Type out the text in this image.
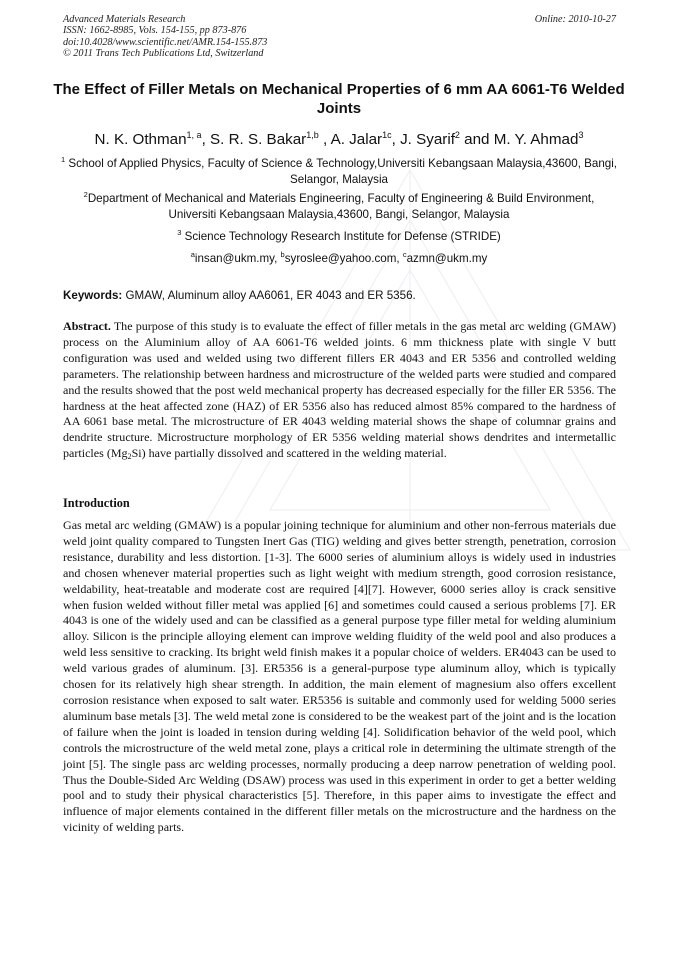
Advanced Materials Research
ISSN: 1662-8985, Vols. 154-155, pp 873-876
doi:10.4028/www.scientific.net/AMR.154-155.873
© 2011 Trans Tech Publications Ltd, Switzerland
Online: 2010-10-27
The Effect of Filler Metals on Mechanical Properties of 6 mm AA 6061-T6 Welded Joints
N. K. Othman$^{1, a}$, S. R. S. Bakar$^{1,b}$ , A. Jalar$^{1c}$, J. Syarif$^2$ and M. Y. Ahmad$^3$
$^1$ School of Applied Physics, Faculty of Science & Technology,Universiti Kebangsaan Malaysia,43600, Bangi, Selangor, Malaysia
$^2$Department of Mechanical and Materials Engineering, Faculty of Engineering & Build Environment, Universiti Kebangsaan Malaysia,43600, Bangi, Selangor, Malaysia
$^3$ Science Technology Research Institute for Defense (STRIDE)
$^a$insan@ukm.my, $^b$syroslee@yahoo.com, $^c$azmn@ukm.my
Keywords: GMAW, Aluminum alloy AA6061, ER 4043 and ER 5356.
Abstract. The purpose of this study is to evaluate the effect of filler metals in the gas metal arc welding (GMAW) process on the Aluminium alloy of AA 6061-T6 welded joints. 6 mm thickness plate with single V butt configuration was used and welded using two different fillers ER 4043 and ER 5356 and controlled welding parameters. The relationship between hardness and microstructure of the welded parts were studied and compared and the results showed that the post weld mechanical property has decreased especially for the filler ER 5356. The hardness at the heat affected zone (HAZ) of ER 5356 also has reduced almost 85% compared to the hardness of AA 6061 base metal. The microstructure of ER 4043 welding material shows the shape of columnar grains and dendrite structure. Microstructure morphology of ER 5356 welding material shows dendrites and intermetallic particles $(Mg_2Si)$ have partially dissolved and scattered in the welding material.
Introduction
Gas metal arc welding (GMAW) is a popular joining technique for aluminium and other non-ferrous materials due weld joint quality compared to Tungsten Inert Gas (TIG) welding and gives better strength, penetration, corrosion resistance, durability and less distortion. [1-3]. The 6000 series of aluminium alloys is widely used in industries and chosen whenever material properties such as light weight with medium strength, good corrosion resistance, weldability, heat-treatable and moderate cost are required [4][7]. However, 6000 series alloy is crack sensitive when fusion welded without filler metal was applied [6] and sometimes could caused a serious problems [7]. ER 4043 is one of the widely used and can be classified as a general purpose type filler metal for welding aluminium alloy. Silicon is the principle alloying element can improve welding fluidity of the weld pool and also produces a weld less sensitive to cracking. Its bright weld finish makes it a popular choice of welders. ER4043 can be used to weld various grades of aluminum. [3]. ER5356 is a general-purpose type aluminum alloy, which is typically chosen for its relatively high shear strength. In addition, the main element of magnesium also offers excellent corrosion resistance when exposed to salt water. ER5356 is suitable and commonly used for welding 5000 series aluminum base metals [3]. The weld metal zone is considered to be the weakest part of the joint and is the location of failure when the joint is loaded in tension during welding [4]. Solidification behavior of the weld pool, which controls the microstructure of the weld metal zone, plays a critical role in determining the ultimate strength of the joint [5]. The single pass arc welding processes, normally producing a deep narrow penetration of welding pool. Thus the Double-Sided Arc Welding (DSAW) process was used in this experiment in order to get a better welding pool and to study their physical characteristics [5]. Therefore, in this paper aims to investigate the effect and influence of major elements contained in the different filler metals on the microstructure and the hardness on the vicinity of welding parts.
